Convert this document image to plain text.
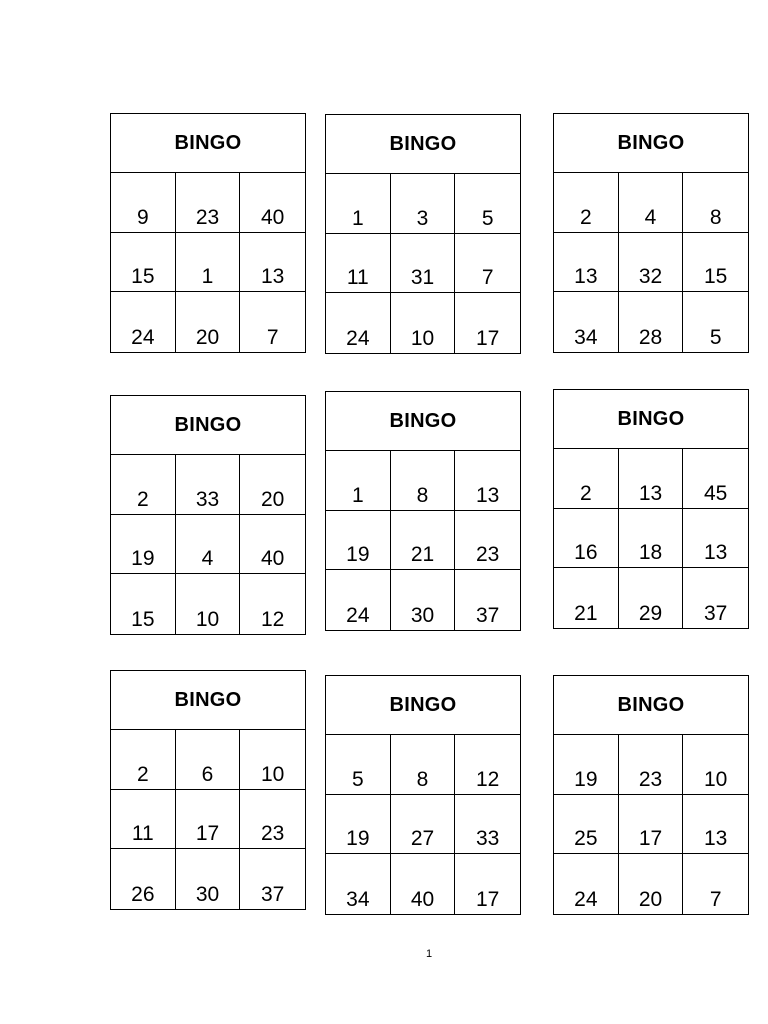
BINGO
9	23	40
15	1	13
24	20	7
BINGO
1	3	5
11	31	7
24	10	17
BINGO
2	4	8
13	32	15
34	28	5
BINGO
2	33	20
19	4	40
15	10	12
BINGO
1	8	13
19	21	23
24	30	37
BINGO
2	13	45
16	18	13
21	29	37
BINGO
2	6	10
11	17	23
26	30	37
BINGO
5	8	12
19	27	33
34	40	17
BINGO
19	23	10
25	17	13
24	20	7
1
